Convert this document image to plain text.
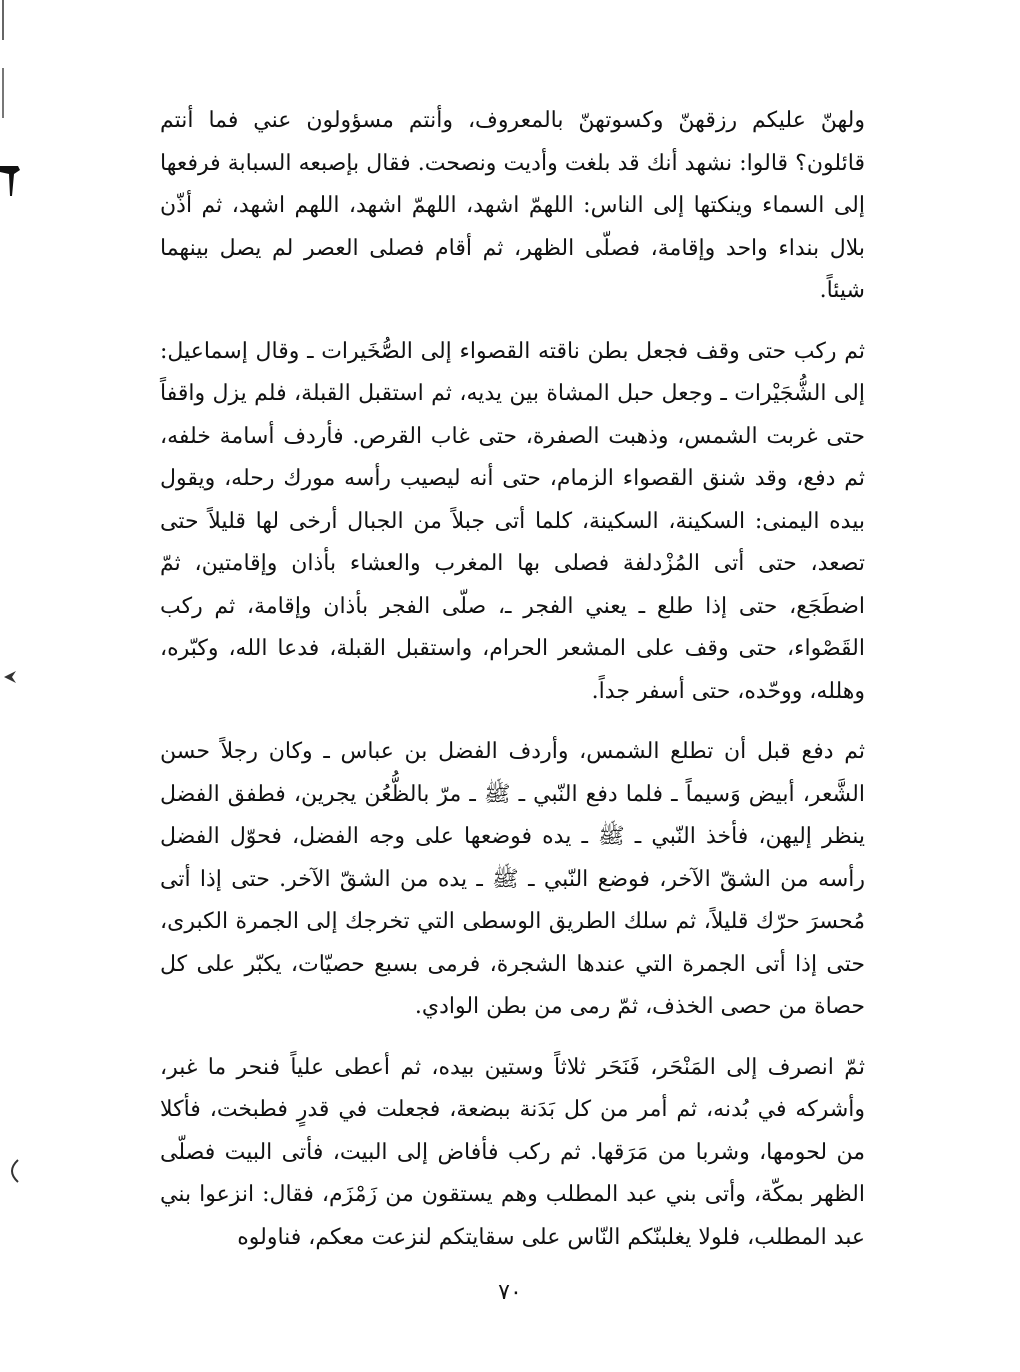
ولهنّ عليكم رزقهنّ وكسوتهنّ بالمعروف، وأنتم مسؤولون عني فما أنتم قائلون؟ قالوا: نشهد أنك قد بلغت وأديت ونصحت. فقال بإصبعه السبابة فرفعها إلى السماء وينكتها إلى الناس: اللهمّ اشهد، اللهمّ اشهد، اللهم اشهد، ثم أذّن بلال بنداء واحد وإقامة، فصلّى الظهر، ثم أقام فصلى العصر لم يصل بينهما شيئاً.

ثم ركب حتى وقف فجعل بطن ناقته القصواء إلى الصُّخَيرات ـ وقال إسماعيل: إلى الشُّجَيْرات ـ وجعل حبل المشاة بين يديه، ثم استقبل القبلة، فلم يزل واقفاً حتى غربت الشمس، وذهبت الصفرة، حتى غاب القرص. فأردف أسامة خلفه، ثم دفع، وقد شنق القصواء الزمام، حتى أنه ليصيب رأسه مورك رحله، ويقول بيده اليمنى: السكينة، السكينة، كلما أتى جبلاً من الجبال أرخى لها قليلاً حتى تصعد، حتى أتى المُزْدلفة فصلى بها المغرب والعشاء بأذان وإقامتين، ثمّ اضطَجَع، حتى إذا طلع ـ يعني الفجر ـ، صلّى الفجر بأذان وإقامة، ثم ركب القَصْواء، حتى وقف على المشعر الحرام، واستقبل القبلة، فدعا الله، وكبّره، وهلله، ووحّده، حتى أسفر جداً.

ثم دفع قبل أن تطلع الشمس، وأردف الفضل بن عباس ـ وكان رجلاً حسن الشَّعر، أبيض وَسيماً ـ فلما دفع النّبي ـ ﷺ ـ مرّ بالظُّعُن يجرين، فطفق الفضل ينظر إليهن، فأخذ النّبي ـ ﷺ ـ يده فوضعها على وجه الفضل، فحوّل الفضل رأسه من الشقّ الآخر، فوضع النّبي ـ ﷺ ـ يده من الشقّ الآخر. حتى إذا أتى مُحسرَ حرّك قليلاً، ثم سلك الطريق الوسطى التي تخرجك إلى الجمرة الكبرى، حتى إذا أتى الجمرة التي عندها الشجرة، فرمى بسبع حصيّات، يكبّر على كل حصاة من حصى الخذف، ثمّ رمى من بطن الوادي.

ثمّ انصرف إلى المَنْحَر، فَنَحَر ثلاثاً وستين بيده، ثم أعطى علياً فنحر ما غبر، وأشركه في بُدنه، ثم أمر من كل بَدَنة ببضعة، فجعلت في قدرٍ فطبخت، فأكلا من لحومها، وشربا من مَرَقها. ثم ركب فأفاض إلى البيت، فأتى البيت فصلّى الظهر بمكّة، وأتى بني عبد المطلب وهم يستقون من زَمْزَم، فقال: انزعوا بني عبد المطلب، فلولا يغلبنّكم النّاس على سقايتكم لنزعت معكم، فناولوه

٧٠
